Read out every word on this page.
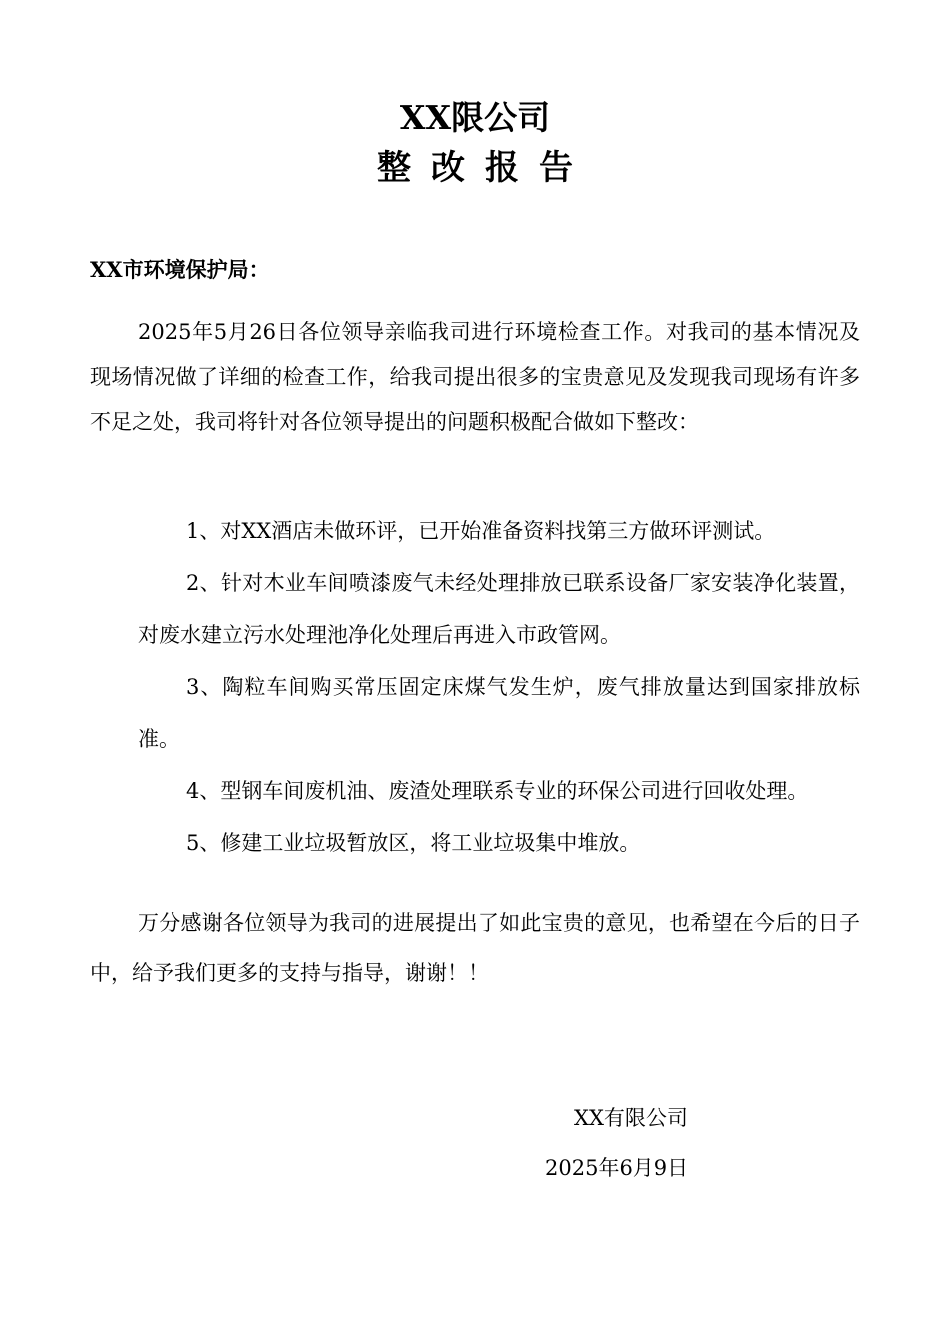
XX限公司
整改报告
XX市环境保护局：

2025年5月26日各位领导亲临我司进行环境检查工作。对我司的基本情况及现场情况做了详细的检查工作，给我司提出很多的宝贵意见及发现我司现场有许多不足之处，我司将针对各位领导提出的问题积极配合做如下整改：

1、对XX酒店未做环评，已开始准备资料找第三方做环评测试。
2、针对木业车间喷漆废气未经处理排放已联系设备厂家安装净化装置，对废水建立污水处理池净化处理后再进入市政管网。
3、陶粒车间购买常压固定床煤气发生炉，废气排放量达到国家排放标准。
4、型钢车间废机油、废渣处理联系专业的环保公司进行回收处理。
5、修建工业垃圾暂放区，将工业垃圾集中堆放。

万分感谢各位领导为我司的进展提出了如此宝贵的意见，也希望在今后的日子中，给予我们更多的支持与指导，谢谢！！

XX有限公司
2025年6月9日
